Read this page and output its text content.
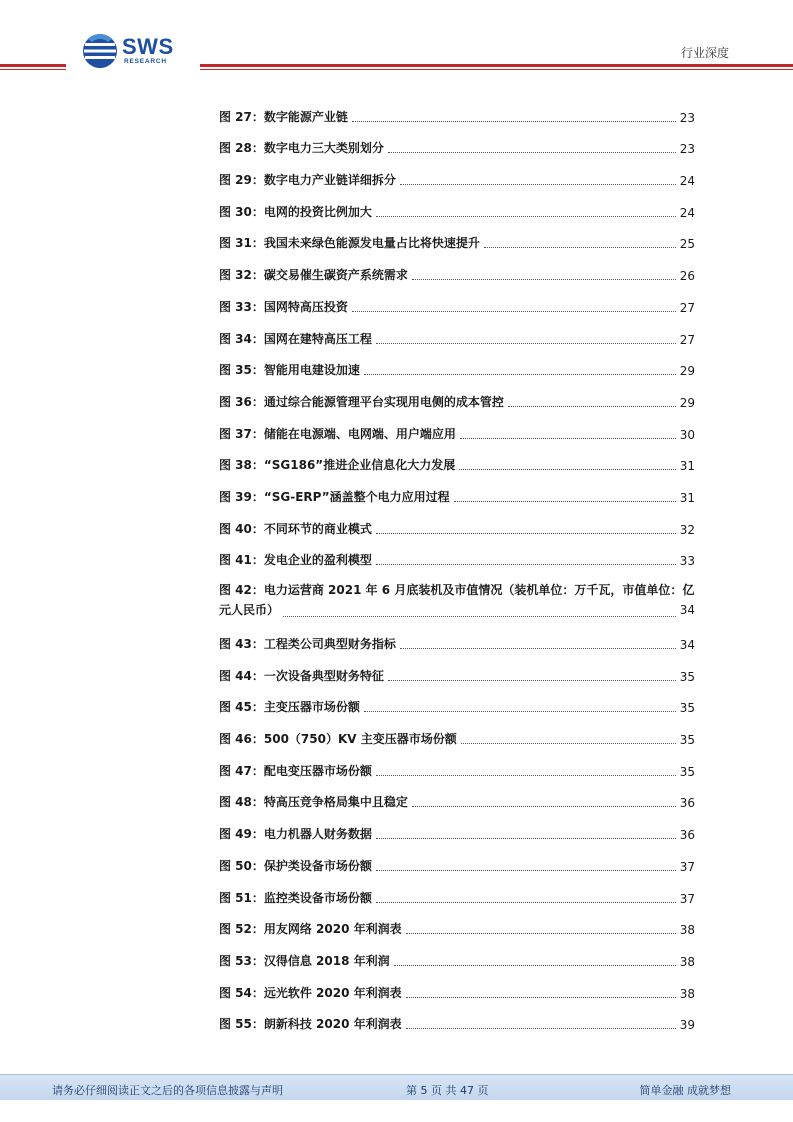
SWS
RESEARCH
行业深度
图 27：数字能源产业链	23
图 28：数字电力三大类别划分	23
图 29：数字电力产业链详细拆分	24
图 30：电网的投资比例加大	24
图 31：我国未来绿色能源发电量占比将快速提升	25
图 32：碳交易催生碳资产系统需求	26
图 33：国网特高压投资	27
图 34：国网在建特高压工程	27
图 35：智能用电建设加速	29
图 36：通过综合能源管理平台实现用电侧的成本管控	29
图 37：储能在电源端、电网端、用户端应用	30
图 38：“SG186”推进企业信息化大力发展	31
图 39：“SG-ERP”涵盖整个电力应用过程	31
图 40：不同环节的商业模式	32
图 41：发电企业的盈利模型	33
图 42：电力运营商 2021 年 6 月底装机及市值情况（装机单位：万千瓦，市值单位：亿
元人民币）	34
图 43：工程类公司典型财务指标	34
图 44：一次设备典型财务特征	35
图 45：主变压器市场份额	35
图 46：500（750）KV 主变压器市场份额	35
图 47：配电变压器市场份额	35
图 48：特高压竞争格局集中且稳定	36
图 49：电力机器人财务数据	36
图 50：保护类设备市场份额	37
图 51：监控类设备市场份额	37
图 52：用友网络 2020 年利润表	38
图 53：汉得信息 2018 年利润	38
图 54：远光软件 2020 年利润表	38
图 55：朗新科技 2020 年利润表	39
请务必仔细阅读正文之后的各项信息披露与声明	第 5 页 共 47 页	简单金融 成就梦想
